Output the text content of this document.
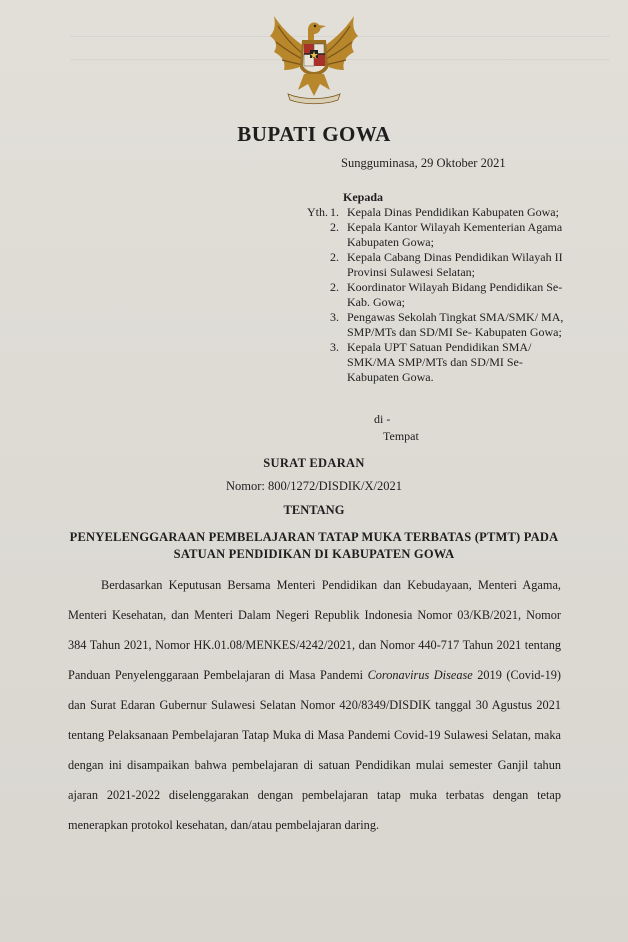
BUPATI GOWA
Sungguminasa, 29 Oktober 2021
Kepada
Yth. 1. Kepala Dinas Pendidikan Kabupaten Gowa;
2. Kepala Kantor Wilayah Kementerian Agama Kabupaten Gowa;
2. Kepala Cabang Dinas Pendidikan Wilayah II Provinsi Sulawesi Selatan;
2. Koordinator Wilayah Bidang Pendidikan Se- Kab. Gowa;
3. Pengawas Sekolah Tingkat SMA/SMK/ MA, SMP/MTs dan SD/MI Se- Kabupaten Gowa;
3. Kepala UPT Satuan Pendidikan SMA/ SMK/MA SMP/MTs dan SD/MI Se- Kabupaten Gowa.
di -
Tempat
SURAT EDARAN
Nomor: 800/1272/DISDIK/X/2021
TENTANG
PENYELENGGARAAN PEMBELAJARAN TATAP MUKA TERBATAS (PTMT) PADA
SATUAN PENDIDIKAN DI KABUPATEN GOWA
Berdasarkan Keputusan Bersama Menteri Pendidikan dan Kebudayaan, Menteri Agama, Menteri Kesehatan, dan Menteri Dalam Negeri Republik Indonesia Nomor 03/KB/2021, Nomor 384 Tahun 2021, Nomor HK.01.08/MENKES/4242/2021, dan Nomor 440-717 Tahun 2021 tentang Panduan Penyelenggaraan Pembelajaran di Masa Pandemi Coronavirus Disease 2019 (Covid-19) dan Surat Edaran Gubernur Sulawesi Selatan Nomor 420/8349/DISDIK tanggal 30 Agustus 2021 tentang Pelaksanaan Pembelajaran Tatap Muka di Masa Pandemi Covid-19 Sulawesi Selatan, maka dengan ini disampaikan bahwa pembelajaran di satuan Pendidikan mulai semester Ganjil tahun ajaran 2021-2022 diselenggarakan dengan pembelajaran tatap muka terbatas dengan tetap menerapkan protokol kesehatan, dan/atau pembelajaran daring.
